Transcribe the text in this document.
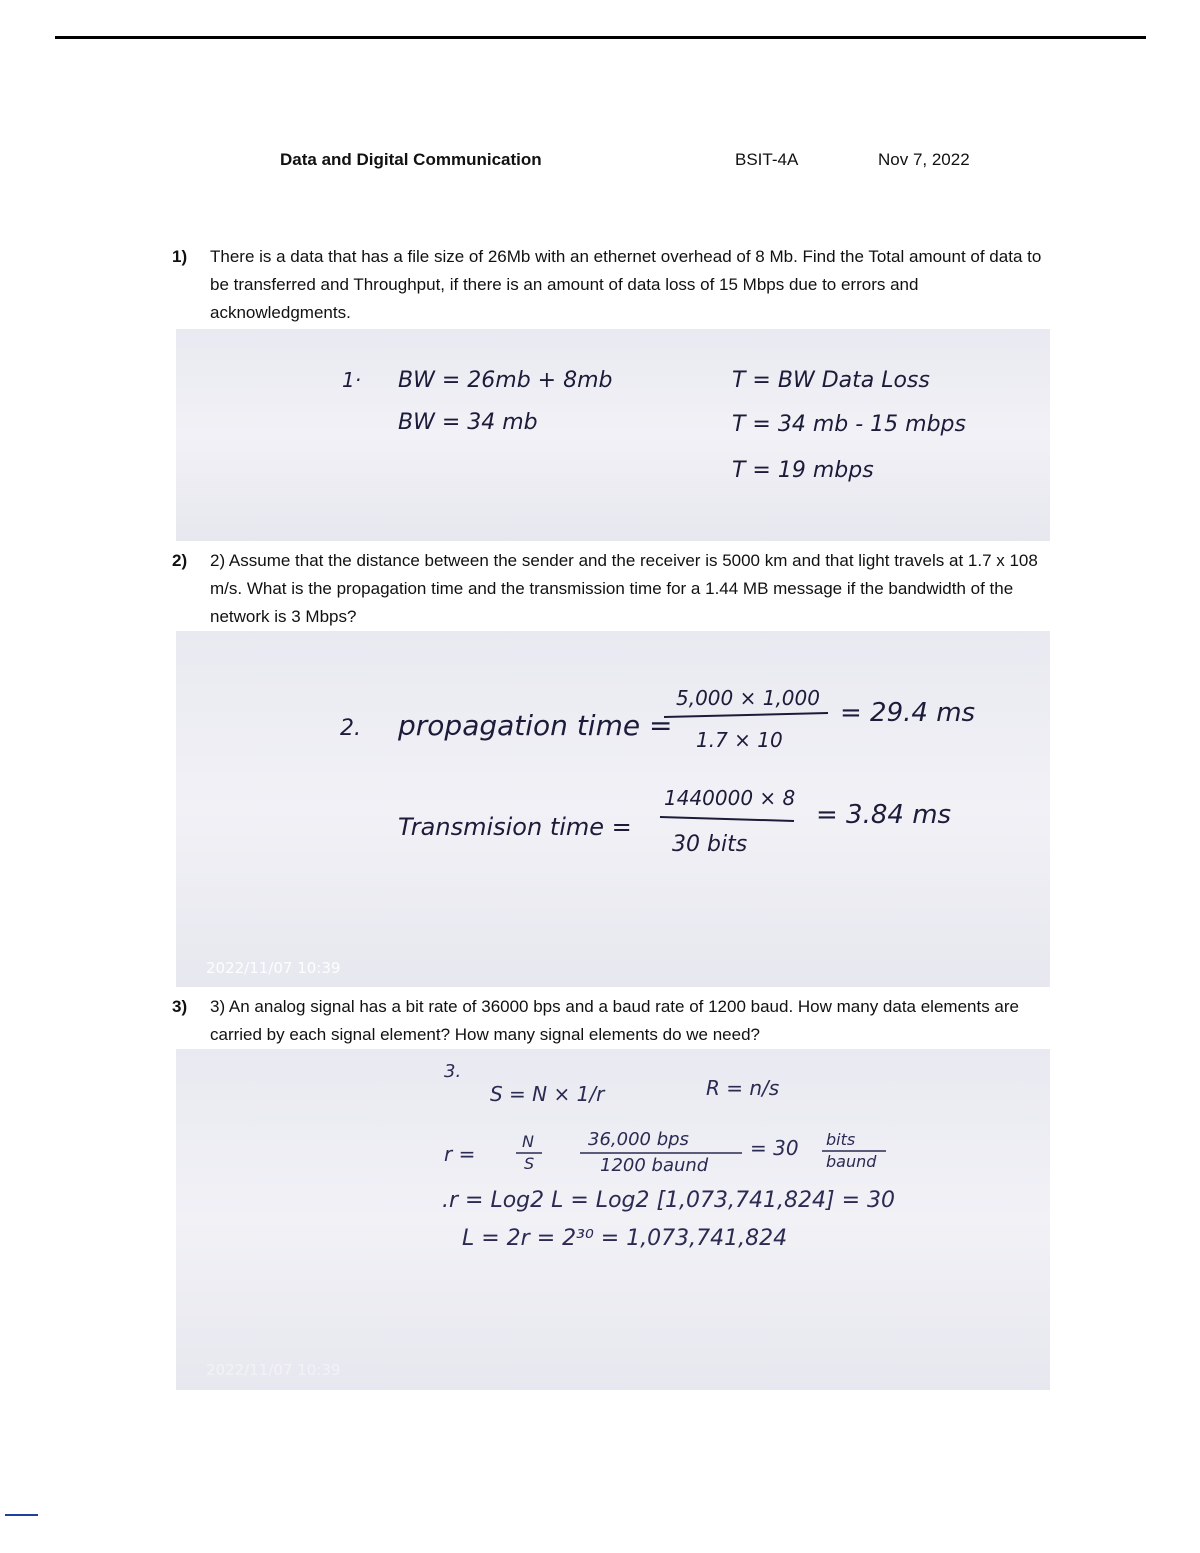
Data and Digital Communication	BSIT-4A	Nov 7, 2022
1) There is a data that has a file size of 26Mb with an ethernet overhead of 8 Mb. Find the Total amount of data to be transferred and Throughput, if there is an amount of data loss of 15 Mbps due to errors and acknowledgments.
1· BW = 26mb + 8mb
BW = 34 mb
T = BW Data Loss
T = 34 mb - 15 mbps
T = 19 mbps
2) 2) Assume that the distance between the sender and the receiver is 5000 km and that light travels at 1.7 x 108 m/s. What is the propagation time and the transmission time for a 1.44 MB message if the bandwidth of the network is 3 Mbps?
2. propagation time =
5,000 × 1,000
1.7 × 10
= 29.4 ms
Transmision time =
1440000 × 8
30 bits
= 3.84 ms
2022/11/07 10:39
3) 3) An analog signal has a bit rate of 36000 bps and a baud rate of 1200 baud. How many data elements are carried by each signal element? How many signal elements do we need?
3.
S = N × 1/r	R = n/s
r =
N
S
36,000 bps
1200 baund
= 30 bits
baund
.r = Log2 L = Log2 [1,073,741,824] = 30
L = 2r = 2³⁰ = 1,073,741,824
2022/11/07 10:39
